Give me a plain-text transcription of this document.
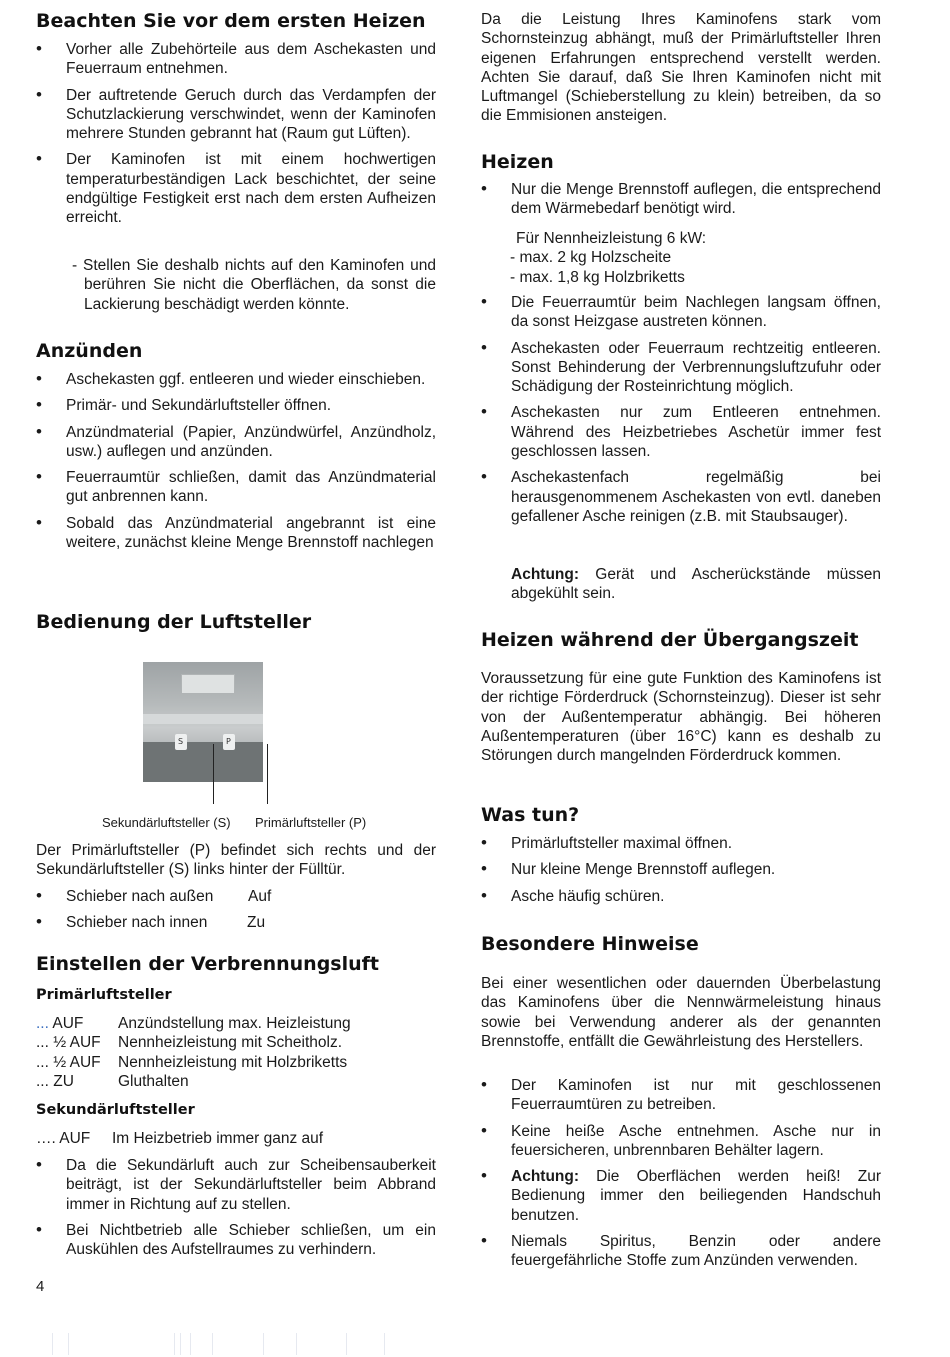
Beachten Sie vor dem ersten Heizen
• Vorher alle Zubehörteile aus dem Aschekasten und Feuerraum entnehmen.
• Der auftretende Geruch durch das Verdampfen der Schutzlackierung verschwindet, wenn der Kaminofen mehrere Stunden gebrannt hat (Raum gut Lüften).
• Der Kaminofen ist mit einem hochwertigen temperaturbeständigen Lack beschichtet, der seine endgültige Festigkeit erst nach dem ersten Aufheizen erreicht.
- Stellen Sie deshalb nichts auf den Kaminofen und berühren Sie nicht die Oberflächen, da sonst die Lackierung beschädigt werden könnte.
Anzünden
• Aschekasten ggf. entleeren und wieder einschieben.
• Primär- und Sekundärluftsteller öffnen.
• Anzündmaterial (Papier, Anzündwürfel, Anzündholz, usw.) auflegen und anzünden.
• Feuerraumtür schließen, damit das Anzündmaterial gut anbrennen kann.
• Sobald das Anzündmaterial angebrannt ist eine weitere, zunächst kleine Menge Brennstoff nachlegen
Bedienung der Luftsteller
S	P
Sekundärluftsteller (S) Primärluftsteller (P)

Der Primärluftsteller (P) befindet sich rechts und der Sekundärluftsteller (S) links hinter der Fülltür.

• Schieber nach außen Auf
• Schieber nach innen	Zu
Einstellen der Verbrennungsluft
Primärluftsteller
... AUF	Anzündstellung max. Heizleistung
... ½ AUF	Nennheizleistung mit Scheitholz.
... ½ AUF	Nennheizleistung mit Holzbriketts
... ZU	Gluthalten
Sekundärluftsteller
…. AUF	Im Heizbetrieb immer ganz auf
• Da die Sekundärluft auch zur Scheibensauberkeit beiträgt, ist der Sekundärluftsteller beim Abbrand immer in Richtung auf zu stellen.
• Bei Nichtbetrieb alle Schieber schließen, um ein Auskühlen des Aufstellraumes zu verhindern.
4

Da die Leistung Ihres Kaminofens stark vom Schornsteinzug abhängt, muß der Primärluftsteller Ihren eigenen Erfahrungen entsprechend verstellt werden. Achten Sie darauf, daß Sie Ihren Kaminofen nicht mit Luftmangel (Schieberstellung zu klein) betreiben, da so die Emmisionen ansteigen.

Heizen
• Nur die Menge Brennstoff auflegen, die entsprechend dem Wärmebedarf benötigt wird.
Für Nennheizleistung 6 kW:
- max. 2 kg Holzscheite
- max. 1,8 kg Holzbriketts
• Die Feuerraumtür beim Nachlegen langsam öffnen, da sonst Heizgase austreten können.
• Aschekasten oder Feuerraum rechtzeitig entleeren. Sonst Behinderung der Verbrennungsluftzufuhr oder Schädigung der Rosteinrichtung möglich.
• Aschekasten nur zum Entleeren entnehmen. Während des Heizbetriebes Aschetür immer fest geschlossen lassen.
• Aschekastenfach regelmäßig bei herausgenommenem Aschekasten von evtl. daneben gefallener Asche reinigen (z.B. mit Staubsauger).

Achtung: Gerät und Ascherückstände müssen abgekühlt sein.

Heizen während der Übergangszeit

Voraussetzung für eine gute Funktion des Kaminofens ist der richtige Förderdruck (Schornsteinzug). Dieser ist sehr von der Außentemperatur abhängig. Bei höheren Außentemperaturen (über 16°C) kann es deshalb zu Störungen durch mangelnden Förderdruck kommen.

Was tun?
• Primärluftsteller maximal öffnen.
• Nur kleine Menge Brennstoff auflegen.
• Asche häufig schüren.
Besondere Hinweise

Bei einer wesentlichen oder dauernden Überbelastung das Kaminofens über die Nennwärmeleistung hinaus sowie bei Verwendung anderer als der genannten Brennstoffe, entfällt die Gewährleistung des Herstellers.

• Der Kaminofen ist nur mit geschlossenen Feuerraumtüren zu betreiben.
• Keine heiße Asche entnehmen. Asche nur in feuersicheren, unbrennbaren Behälter lagern.
• Achtung: Die Oberflächen werden heiß! Zur Bedienung immer den beiliegenden Handschuh benutzen.
• Niemals Spiritus, Benzin oder andere feuergefährliche Stoffe zum Anzünden verwenden.
